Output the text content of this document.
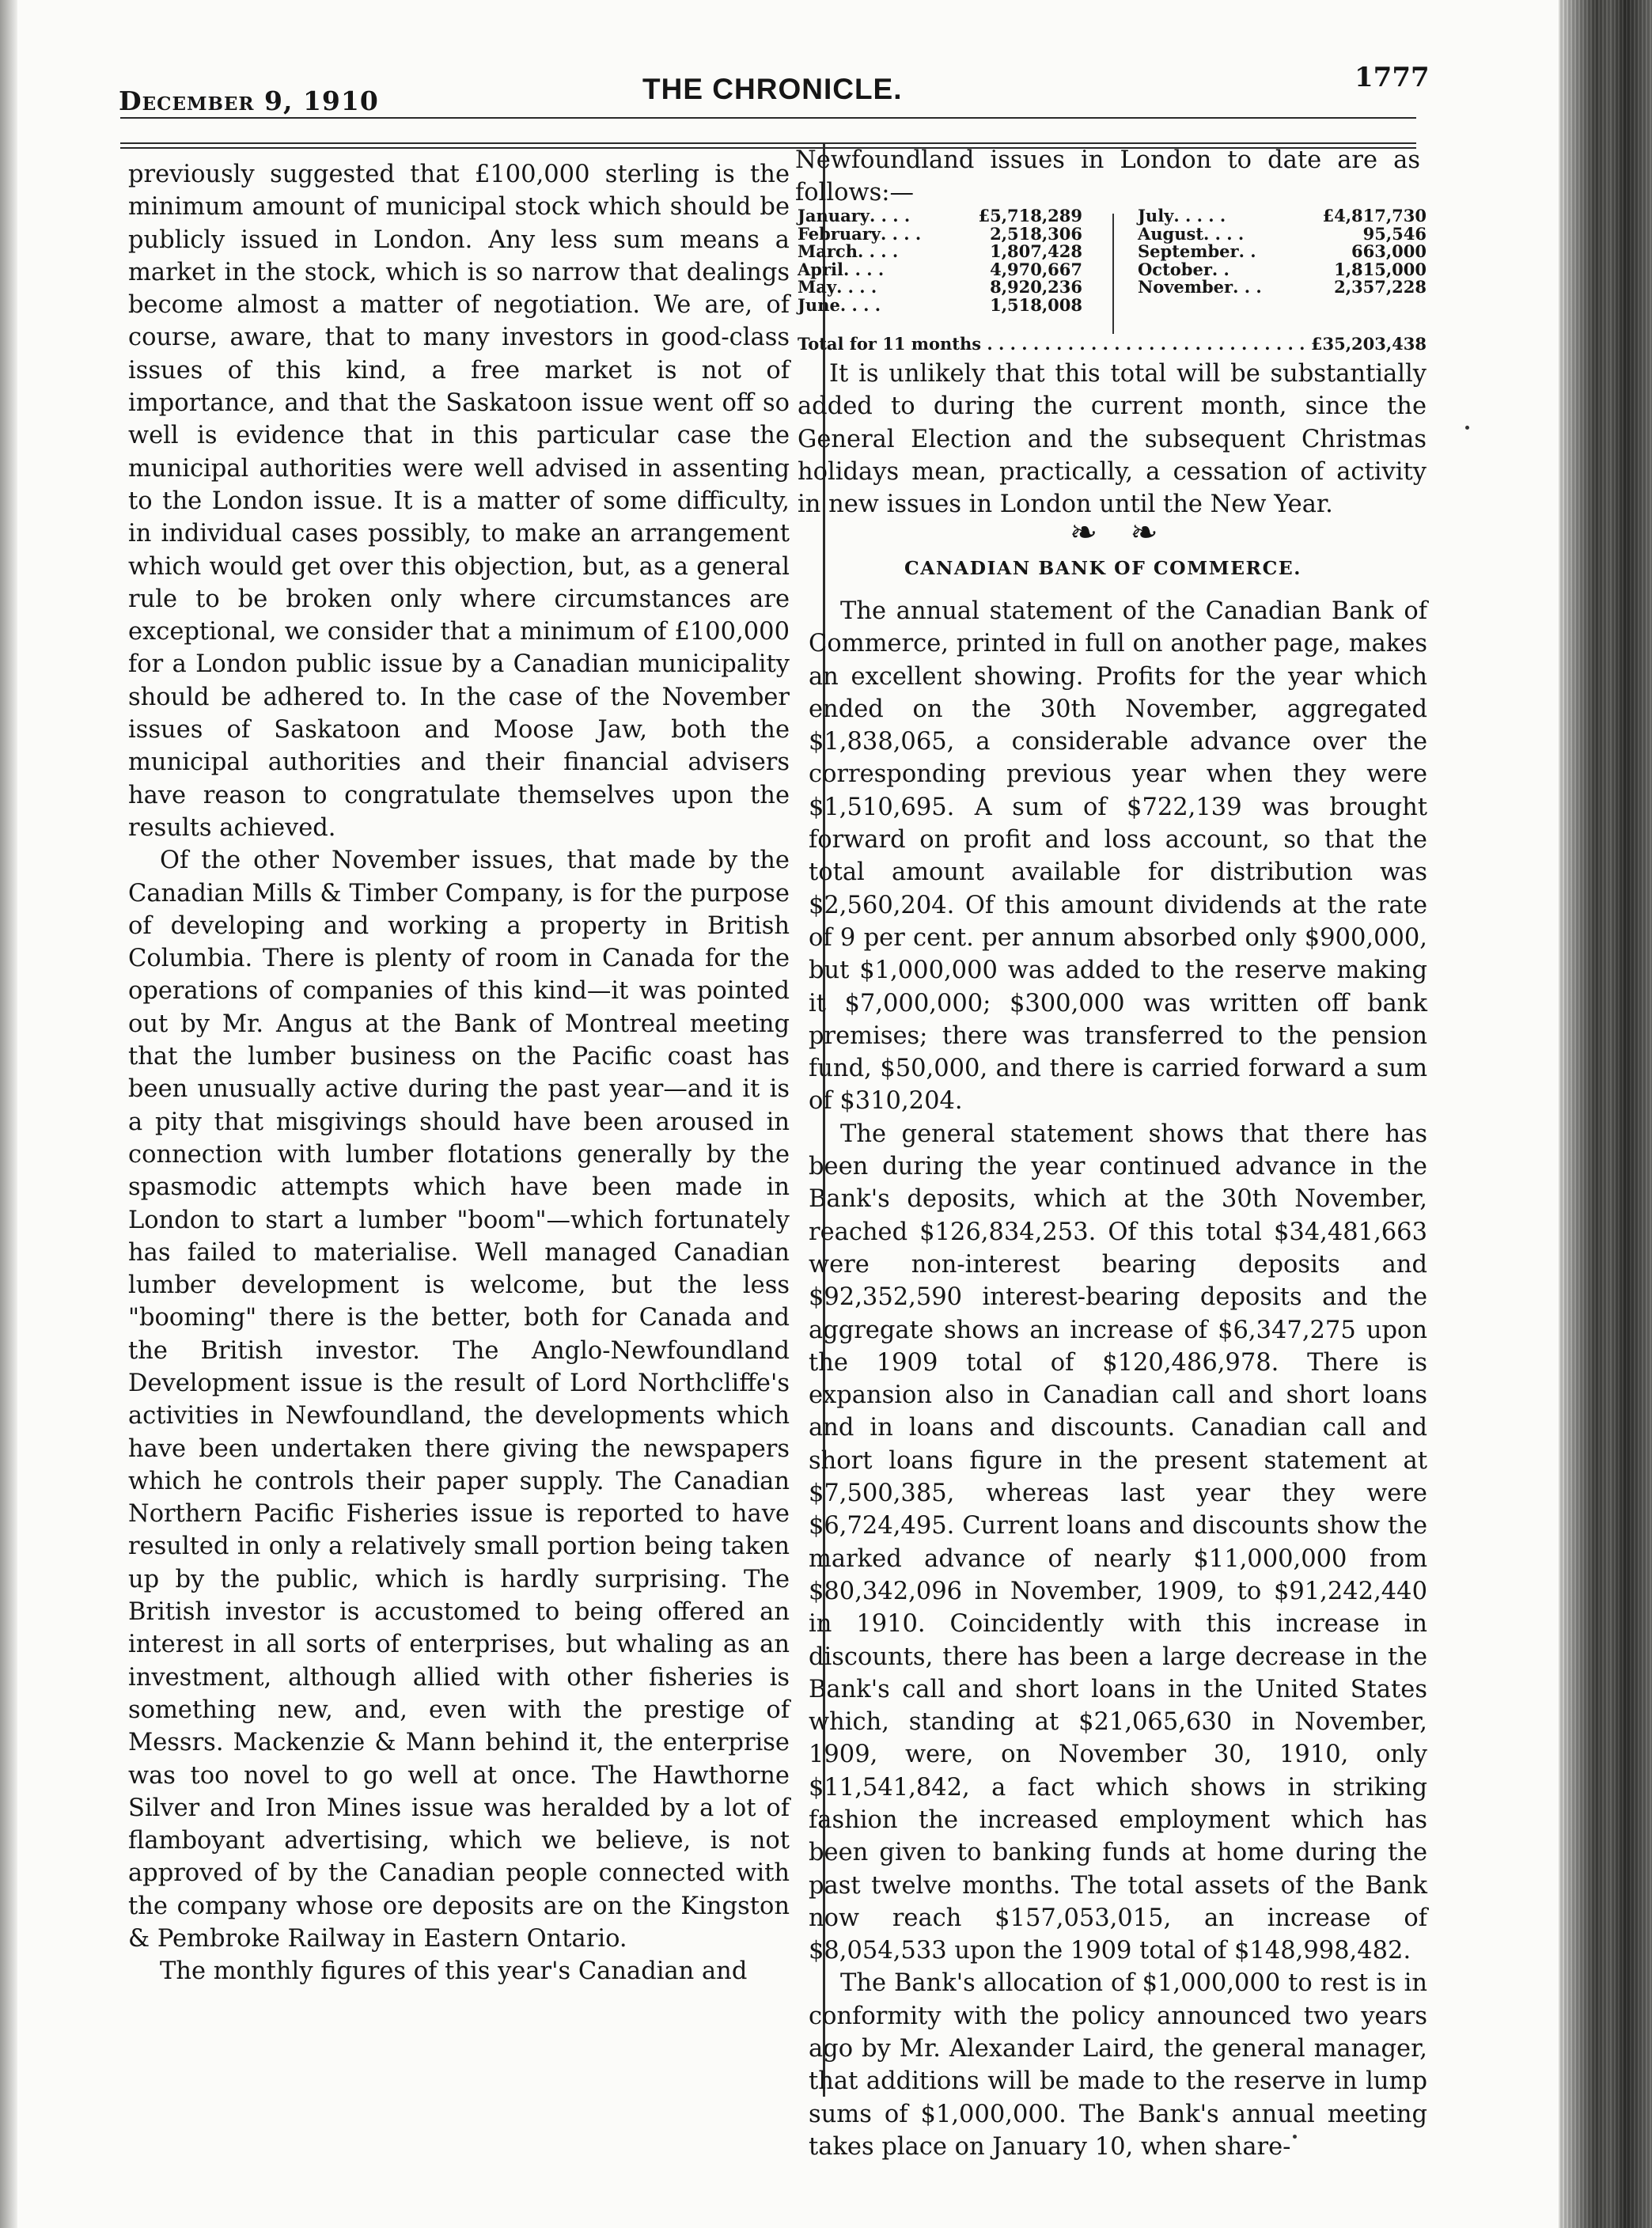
December 9, 1910	THE CHRONICLE.	1777

previously suggested that £100,000 sterling is the minimum amount of municipal stock which should be publicly issued in London. Any less sum means a market in the stock, which is so narrow that dealings become almost a matter of negotiation. We are, of course, aware, that to many investors in good-class issues of this kind, a free market is not of importance, and that the Saskatoon issue went off so well is evidence that in this particular case the municipal authorities were well advised in assenting to the London issue. It is a matter of some difficulty, in individual cases possibly, to make an arrangement which would get over this objection, but, as a general rule to be broken only where circumstances are exceptional, we consider that a minimum of £100,000 for a London public issue by a Canadian municipality should be adhered to. In the case of the November issues of Saskatoon and Moose Jaw, both the municipal authorities and their financial advisers have reason to congratulate themselves upon the results achieved.

Of the other November issues, that made by the Canadian Mills & Timber Company, is for the purpose of developing and working a property in British Columbia. There is plenty of room in Canada for the operations of companies of this kind—it was pointed out by Mr. Angus at the Bank of Montreal meeting that the lumber business on the Pacific coast has been unusually active during the past year—and it is a pity that misgivings should have been aroused in connection with lumber flotations generally by the spasmodic attempts which have been made in London to start a lumber "boom"—which fortunately has failed to materialise. Well managed Canadian lumber development is welcome, but the less "booming" there is the better, both for Canada and the British investor. The Anglo-Newfoundland Development issue is the result of Lord Northcliffe's activities in Newfoundland, the developments which have been undertaken there giving the newspapers which he controls their paper supply. The Canadian Northern Pacific Fisheries issue is reported to have resulted in only a relatively small portion being taken up by the public, which is hardly surprising. The British investor is accustomed to being offered an interest in all sorts of enterprises, but whaling as an investment, although allied with other fisheries is something new, and, even with the prestige of Messrs. Mackenzie & Mann behind it, the enterprise was too novel to go well at once. The Hawthorne Silver and Iron Mines issue was heralded by a lot of flamboyant advertising, which we believe, is not approved of by the Canadian people connected with the company whose ore deposits are on the Kingston & Pembroke Railway in Eastern Ontario.

The monthly figures of this year's Canadian and

Newfoundland issues in London to date are as follows:—

January. . . .	£5,718,289
February. . . .	2,518,306
March. . . .	1,807,428
April. . . .	4,970,667
May. . . .	8,920,236
June. . . .	1,518,008
July. . . . .	£4,817,730
August. . . .	95,546
September. .	663,000
October. .	1,815,000
November. . .	2,357,228
Total for 11 months . . . . . . . . . . . . . . . . . . . . . . . . . . . . £35,203,438

It is unlikely that this total will be substantially added to during the current month, since the General Election and the subsequent Christmas holidays mean, practically, a cessation of activity in new issues in London until the New Year.

❧ ❧
CANADIAN BANK OF COMMERCE.

The annual statement of the Canadian Bank of Commerce, printed in full on another page, makes an excellent showing. Profits for the year which ended on the 30th November, aggregated $1,838,065, a considerable advance over the corresponding previous year when they were $1,510,695. A sum of $722,139 was brought forward on profit and loss account, so that the total amount available for distribution was $2,560,204. Of this amount dividends at the rate of 9 per cent. per annum absorbed only $900,000, but $1,000,000 was added to the reserve making it $7,000,000; $300,000 was written off bank premises; there was transferred to the pension fund, $50,000, and there is carried forward a sum of $310,204.

The general statement shows that there has been during the year continued advance in the Bank's deposits, which at the 30th November, reached $126,834,253. Of this total $34,481,663 were non-interest bearing deposits and $92,352,590 interest-bearing deposits and the aggregate shows an increase of $6,347,275 upon the 1909 total of $120,486,978. There is expansion also in Canadian call and short loans and in loans and discounts. Canadian call and short loans figure in the present statement at $7,500,385, whereas last year they were $6,724,495. Current loans and discounts show the marked advance of nearly $11,000,000 from $80,342,096 in November, 1909, to $91,242,440 in 1910. Coincidently with this increase in discounts, there has been a large decrease in the Bank's call and short loans in the United States which, standing at $21,065,630 in November, 1909, were, on November 30, 1910, only $11,541,842, a fact which shows in striking fashion the increased employment which has been given to banking funds at home during the past twelve months. The total assets of the Bank now reach $157,053,015, an increase of $8,054,533 upon the 1909 total of $148,998,482.

The Bank's allocation of $1,000,000 to rest is in conformity with the policy announced two years ago by Mr. Alexander Laird, the general manager, that additions will be made to the reserve in lump sums of $1,000,000. The Bank's annual meeting takes place on January 10, when share-
